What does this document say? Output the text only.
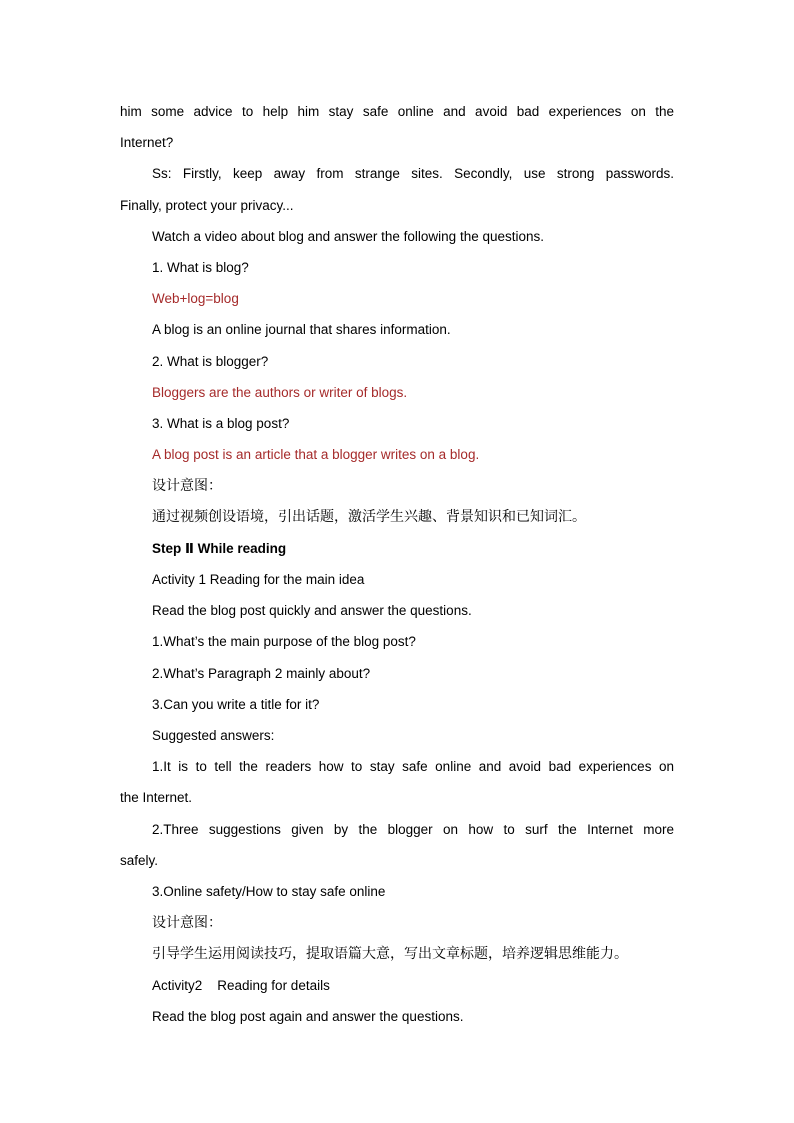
him some advice to help him stay safe online and avoid bad experiences on the
Internet?
Ss: Firstly, keep away from strange sites. Secondly, use strong passwords.
Finally, protect your privacy...
Watch a video about blog and answer the following the questions.
1. What is blog?
Web+log=blog
A blog is an online journal that shares information.
2. What is blogger?
Bloggers are the authors or writer of blogs.
3. What is a blog post?
A blog post is an article that a blogger writes on a blog.
设计意图：
通过视频创设语境，引出话题，激活学生兴趣、背景知识和已知词汇。
Step Ⅱ While reading
Activity 1 Reading for the main idea
Read the blog post quickly and answer the questions.
1.What’s the main purpose of the blog post?
2.What’s Paragraph 2 mainly about?
3.Can you write a title for it?
Suggested answers:
1.It is to tell the readers how to stay safe online and avoid bad experiences on
the Internet.
2.Three suggestions given by the blogger on how to surf the Internet more
safely.
3.Online safety/How to stay safe online
设计意图：
引导学生运用阅读技巧，提取语篇大意，写出文章标题，培养逻辑思维能力。
Activity2    Reading for details
Read the blog post again and answer the questions.
